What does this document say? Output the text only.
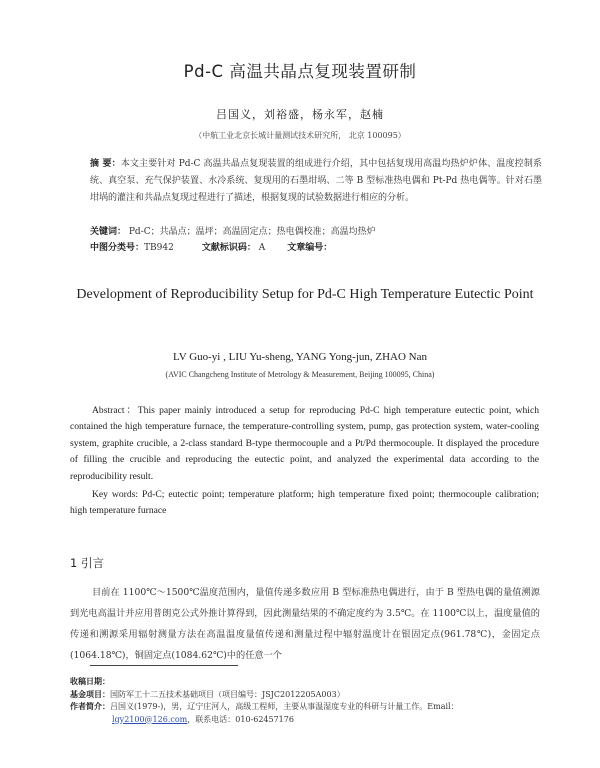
Pd-C 高温共晶点复现装置研制
吕国义，刘裕盛，杨永军，赵楠
（中航工业北京长城计量测试技术研究所， 北京 100095）
摘 要：本文主要针对 Pd-C 高温共晶点复现装置的组成进行介绍，其中包括复现用高温均热炉炉体、温度控制系统、真空泵、充气保护装置、水冷系统、复现用的石墨坩埚、二等 B 型标准热电偶和 Pt-Pd 热电偶等。针对石墨坩埚的灌注和共晶点复现过程进行了描述，根据复现的试验数据进行相应的分析。
关键词： Pd-C；共晶点；温坪；高温固定点；热电偶校准；高温均热炉
中图分类号：TB942	文献标识码： A 文章编号：
Development of Reproducibility Setup for Pd-C High Temperature Eutectic Point
LV Guo-yi , LIU Yu-sheng, YANG Yong-jun, ZHAO Nan
(AVIC Changcheng Institute of Metrology & Measurement, Beijing 100095, China)
Abstract：This paper mainly introduced a setup for reproducing Pd-C high temperature eutectic point, which contained the high temperature furnace, the temperature-controlling system, pump, gas protection system, water-cooling system, graphite crucible, a 2-class standard B-type thermocouple and a Pt/Pd thermocouple. It displayed the procedure of filling the crucible and reproducing the eutectic point, and analyzed the experimental data according to the reproducibility result.
Key words: Pd-C; eutectic point; temperature platform; high temperature fixed point; thermocouple calibration; high temperature furnace
1 引言
目前在 1100℃～1500℃温度范围内，量值传递多数应用 B 型标准热电偶进行，由于 B 型热电偶的量值溯源到光电高温计并应用普朗克公式外推计算得到，因此测量结果的不确定度约为 3.5℃。在 1100℃以上，温度量值的传递和溯源采用辐射测量方法在高温温度量值传递和测量过程中辐射温度计在银固定点(961.78℃)，金固定点(1064.18℃)，铜固定点(1084.62℃)中的任意一个
收稿日期：
基金项目：国防军工十二五技术基础项目（项目编号：JSJC2012205A003）
作者简介：吕国义(1979-)，男，辽宁庄河人，高级工程师，主要从事温湿度专业的科研与计量工作。Email：
lgy2100@126.com，联系电话：010-62457176
